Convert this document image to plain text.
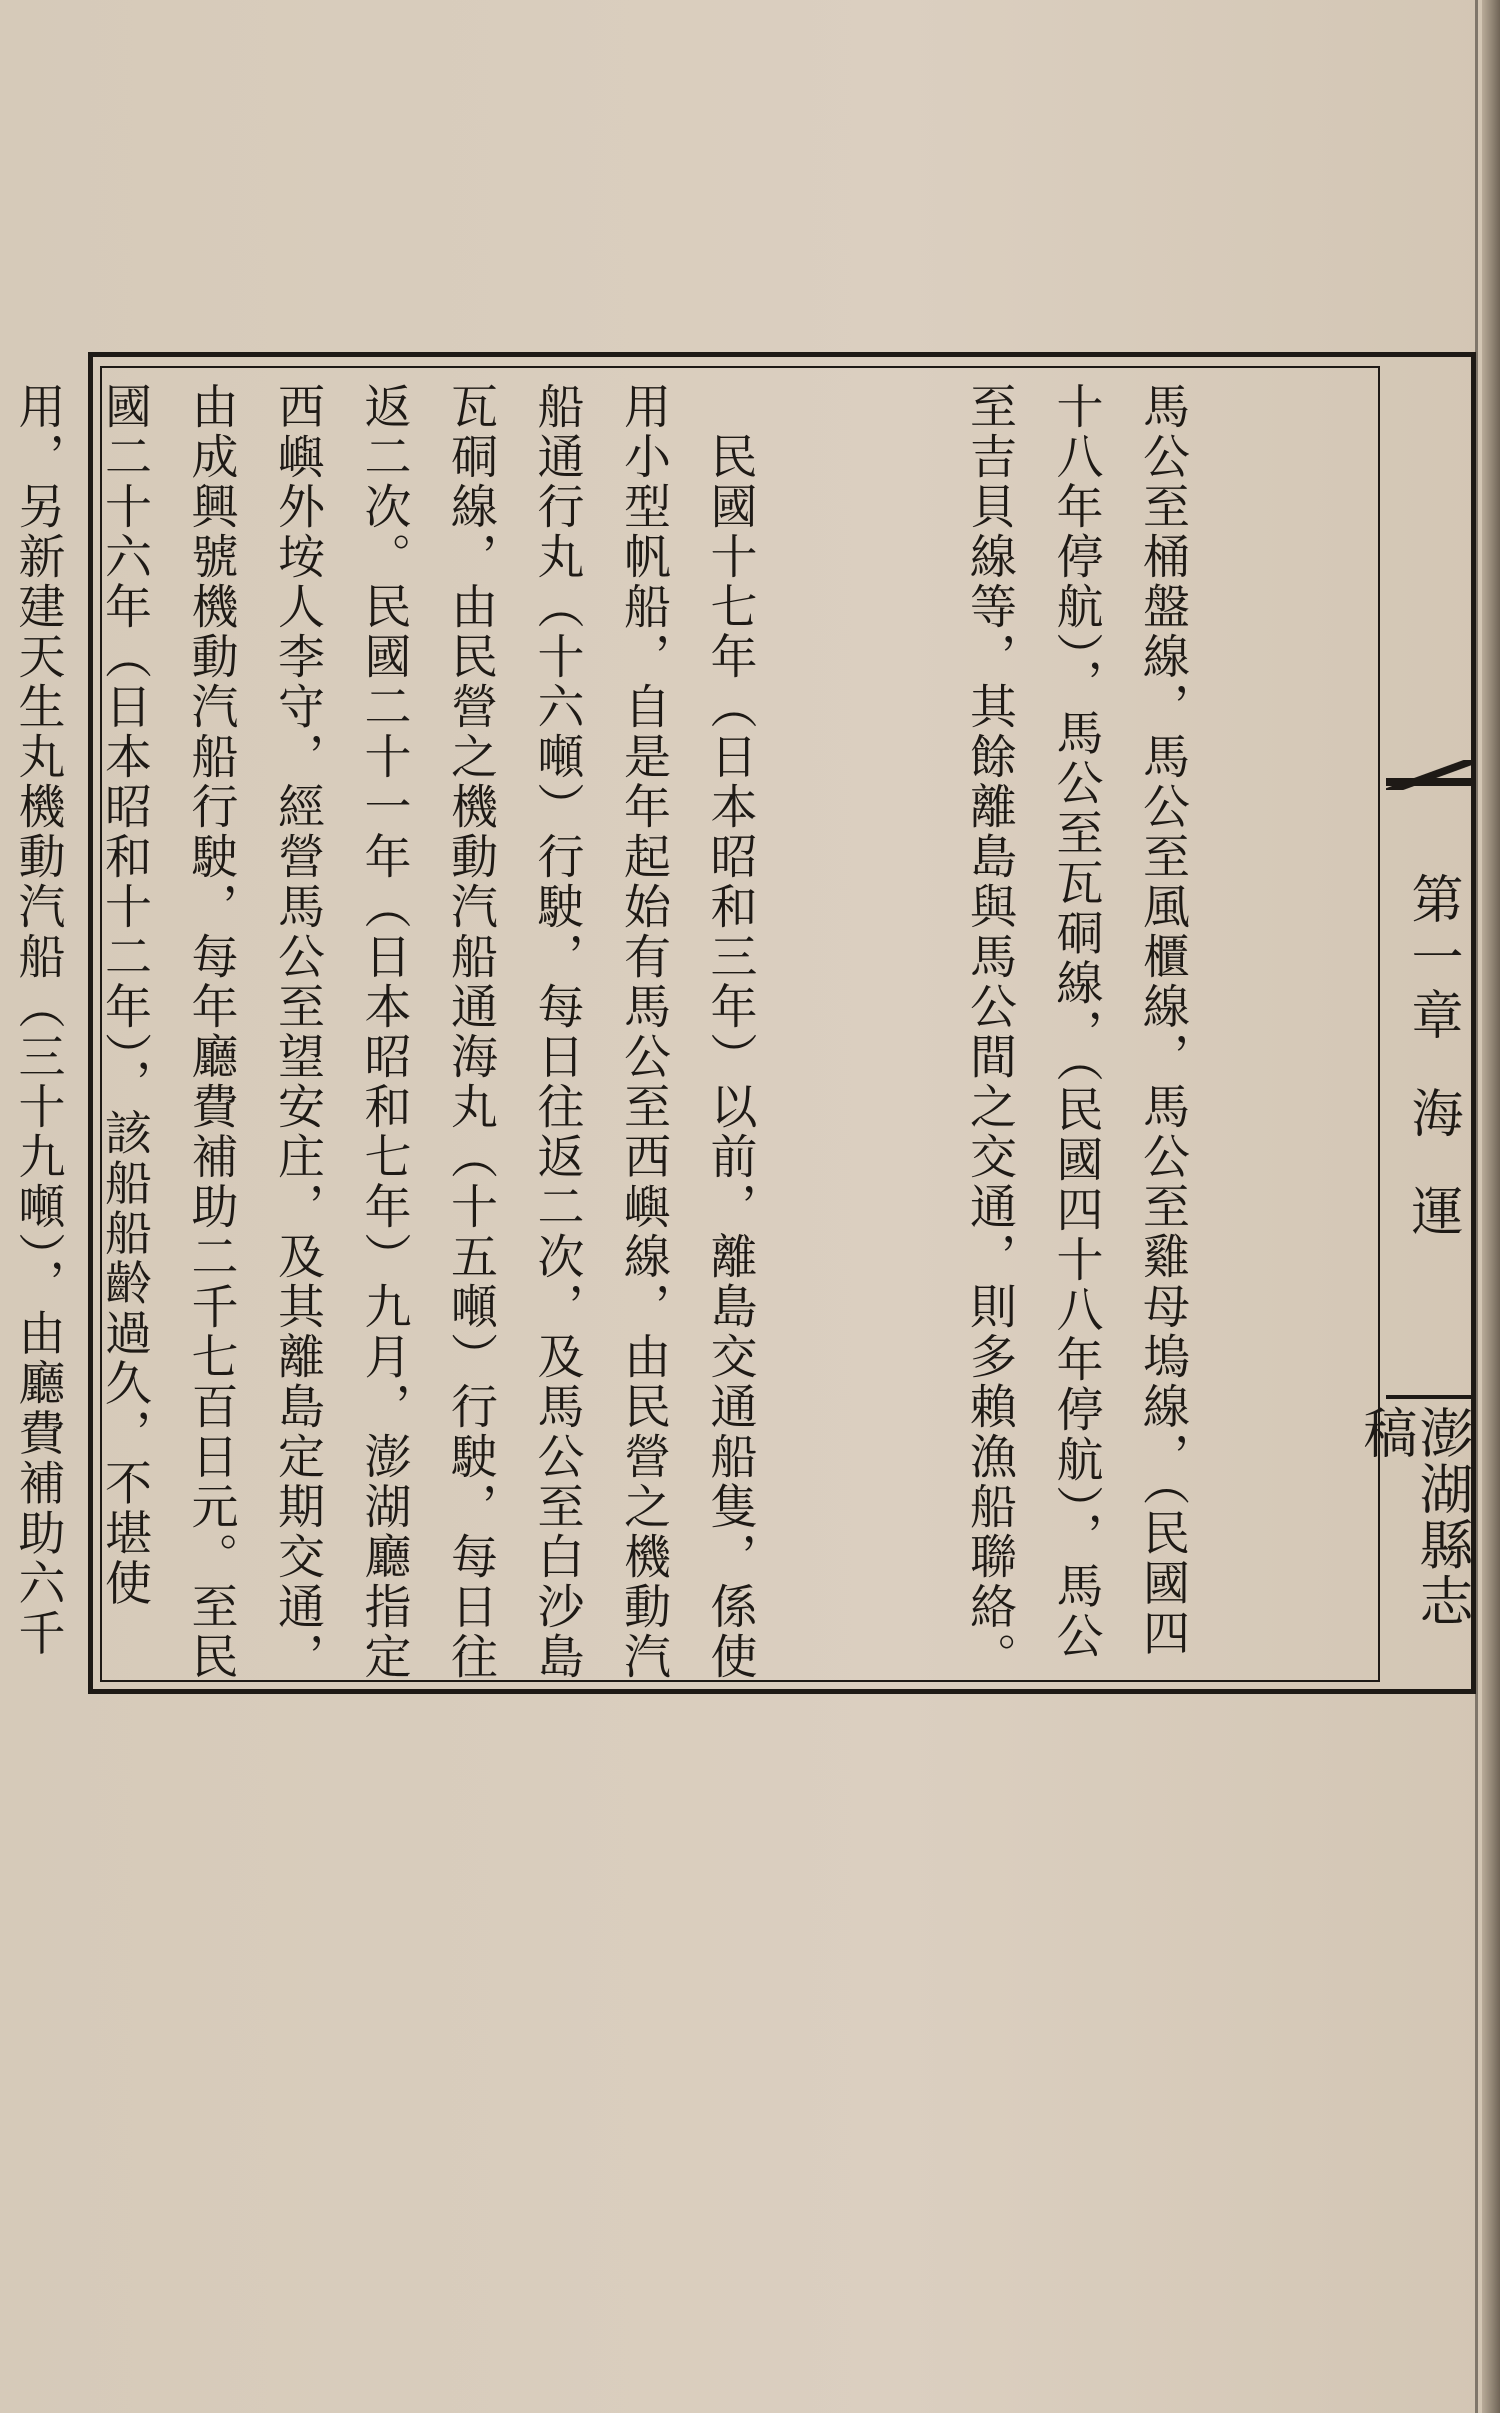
馬公至桶盤線，馬公至風櫃線，馬公至雞母塢線，（民國四十八年停航），馬公至瓦硐線，（民國四十八年停航），馬公至吉貝線等，其餘離島與馬公間之交通，則多賴漁船聯絡。

　民國十七年（日本昭和三年）以前，離島交通船隻，係使用小型帆船，自是年起始有馬公至西嶼線，由民營之機動汽船通行丸（十六噸）行駛，每日往返二次，及馬公至白沙島瓦硐線，由民營之機動汽船通海丸（十五噸）行駛，每日往返二次。民國二十一年（日本昭和七年）九月，澎湖廳指定西嶼外垵人李守，經營馬公至望安庄，及其離島定期交通，由成興號機動汽船行駛，每年廳費補助二千七百日元。至民國二十六年（日本昭和十二年），該船船齡過久，不堪使用，另新建天生丸機動汽船（三十九噸），由廳費補助六千

第一章海運
澎湖縣志稿
